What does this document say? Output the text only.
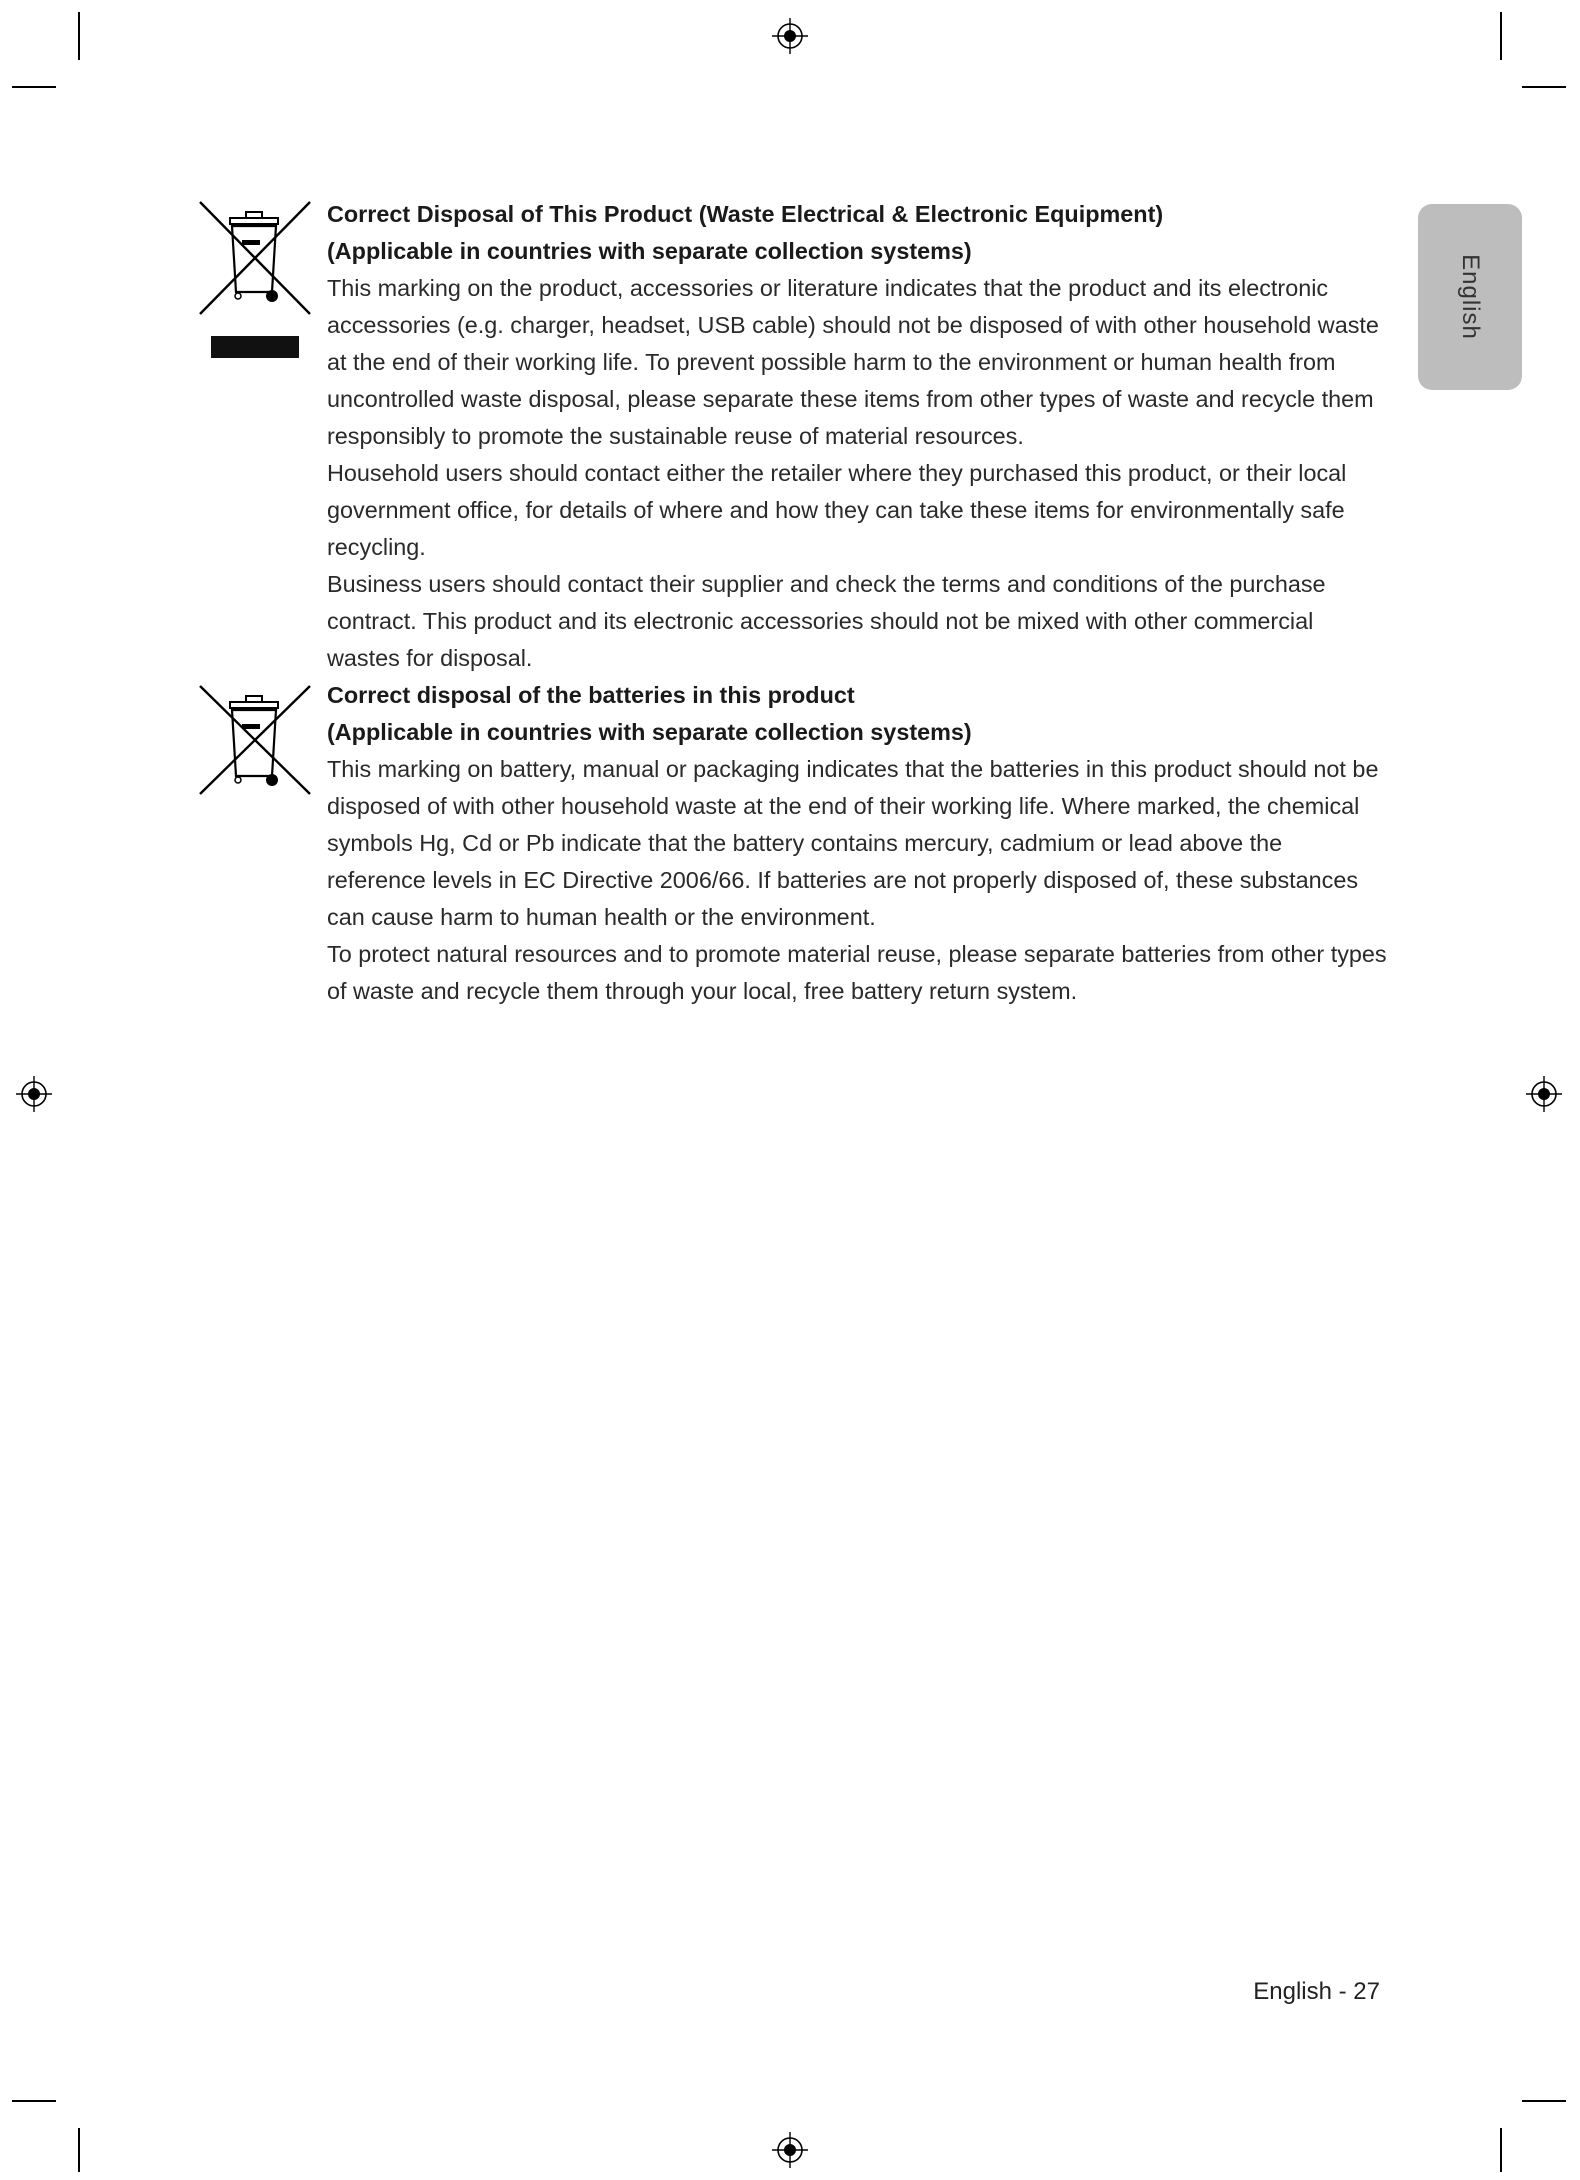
English

Correct Disposal of This Product (Waste Electrical & Electronic Equipment)

(Applicable in countries with separate collection systems)

This marking on the product, accessories or literature indicates that the product and its electronic accessories (e.g. charger, headset, USB cable) should not be disposed of with other household waste at the end of their working life. To prevent possible harm to the environment or human health from uncontrolled waste disposal, please separate these items from other types of waste and recycle them responsibly to promote the sustainable reuse of material resources.

Household users should contact either the retailer where they purchased this product, or their local government office, for details of where and how they can take these items for environmentally safe recycling.

Business users should contact their supplier and check the terms and conditions of the purchase contract. This product and its electronic accessories should not be mixed with other commercial wastes for disposal.

Correct disposal of the batteries in this product

(Applicable in countries with separate collection systems)

This marking on battery, manual or packaging indicates that the batteries in this product should not be disposed of with other household waste at the end of their working life. Where marked, the chemical symbols Hg, Cd or Pb indicate that the battery contains mercury, cadmium or lead above the reference levels in EC Directive 2006/66. If batteries are not properly disposed of, these substances can cause harm to human health or the environment.

To protect natural resources and to promote material reuse, please separate batteries from other types of waste and recycle them through your local, free battery return system.

English - 27
